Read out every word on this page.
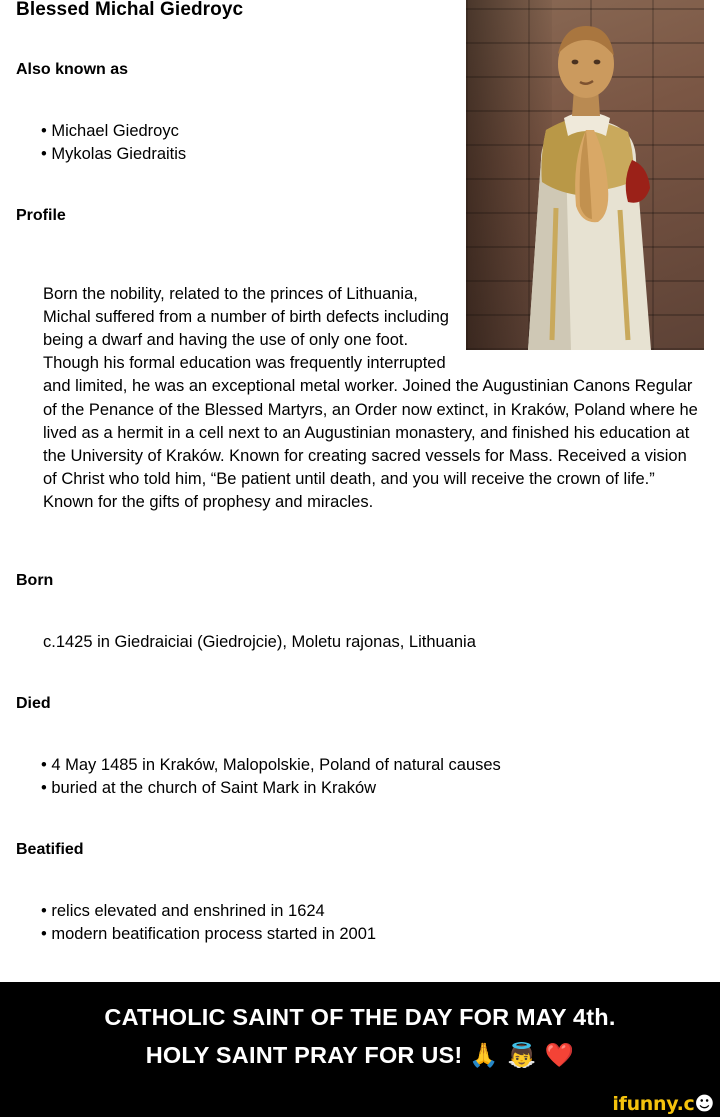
Blessed Michal Giedroyc
Also known as
• Michael Giedroyc
• Mykolas Giedraitis
Profile

Born the nobility, related to the princes of Lithuania, Michal suffered from a number of birth defects including being a dwarf and having the use of only one foot. Though his formal education was frequently interrupted and limited, he was an exceptional metal worker. Joined the Augustinian Canons Regular of the Penance of the Blessed Martyrs, an Order now extinct, in Kraków, Poland where he lived as a hermit in a cell next to an Augustinian monastery, and finished his education at the University of Kraków. Known for creating sacred vessels for Mass. Received a vision of Christ who told him, “Be patient until death, and you will receive the crown of life.” Known for the gifts of prophesy and miracles.

Born

c.1425 in Giedraiciai (Giedrojcie), Moletu rajonas, Lithuania

Died
• 4 May 1485 in Kraków, Malopolskie, Poland of natural causes
• buried at the church of Saint Mark in Kraków
Beatified
• relics elevated and enshrined in 1624
• modern beatification process started in 2001
CATHOLIC SAINT OF THE DAY FOR MAY 4th.
HOLY SAINT PRAY FOR US! 🙏 👼 ❤️
ifunny.c☻
